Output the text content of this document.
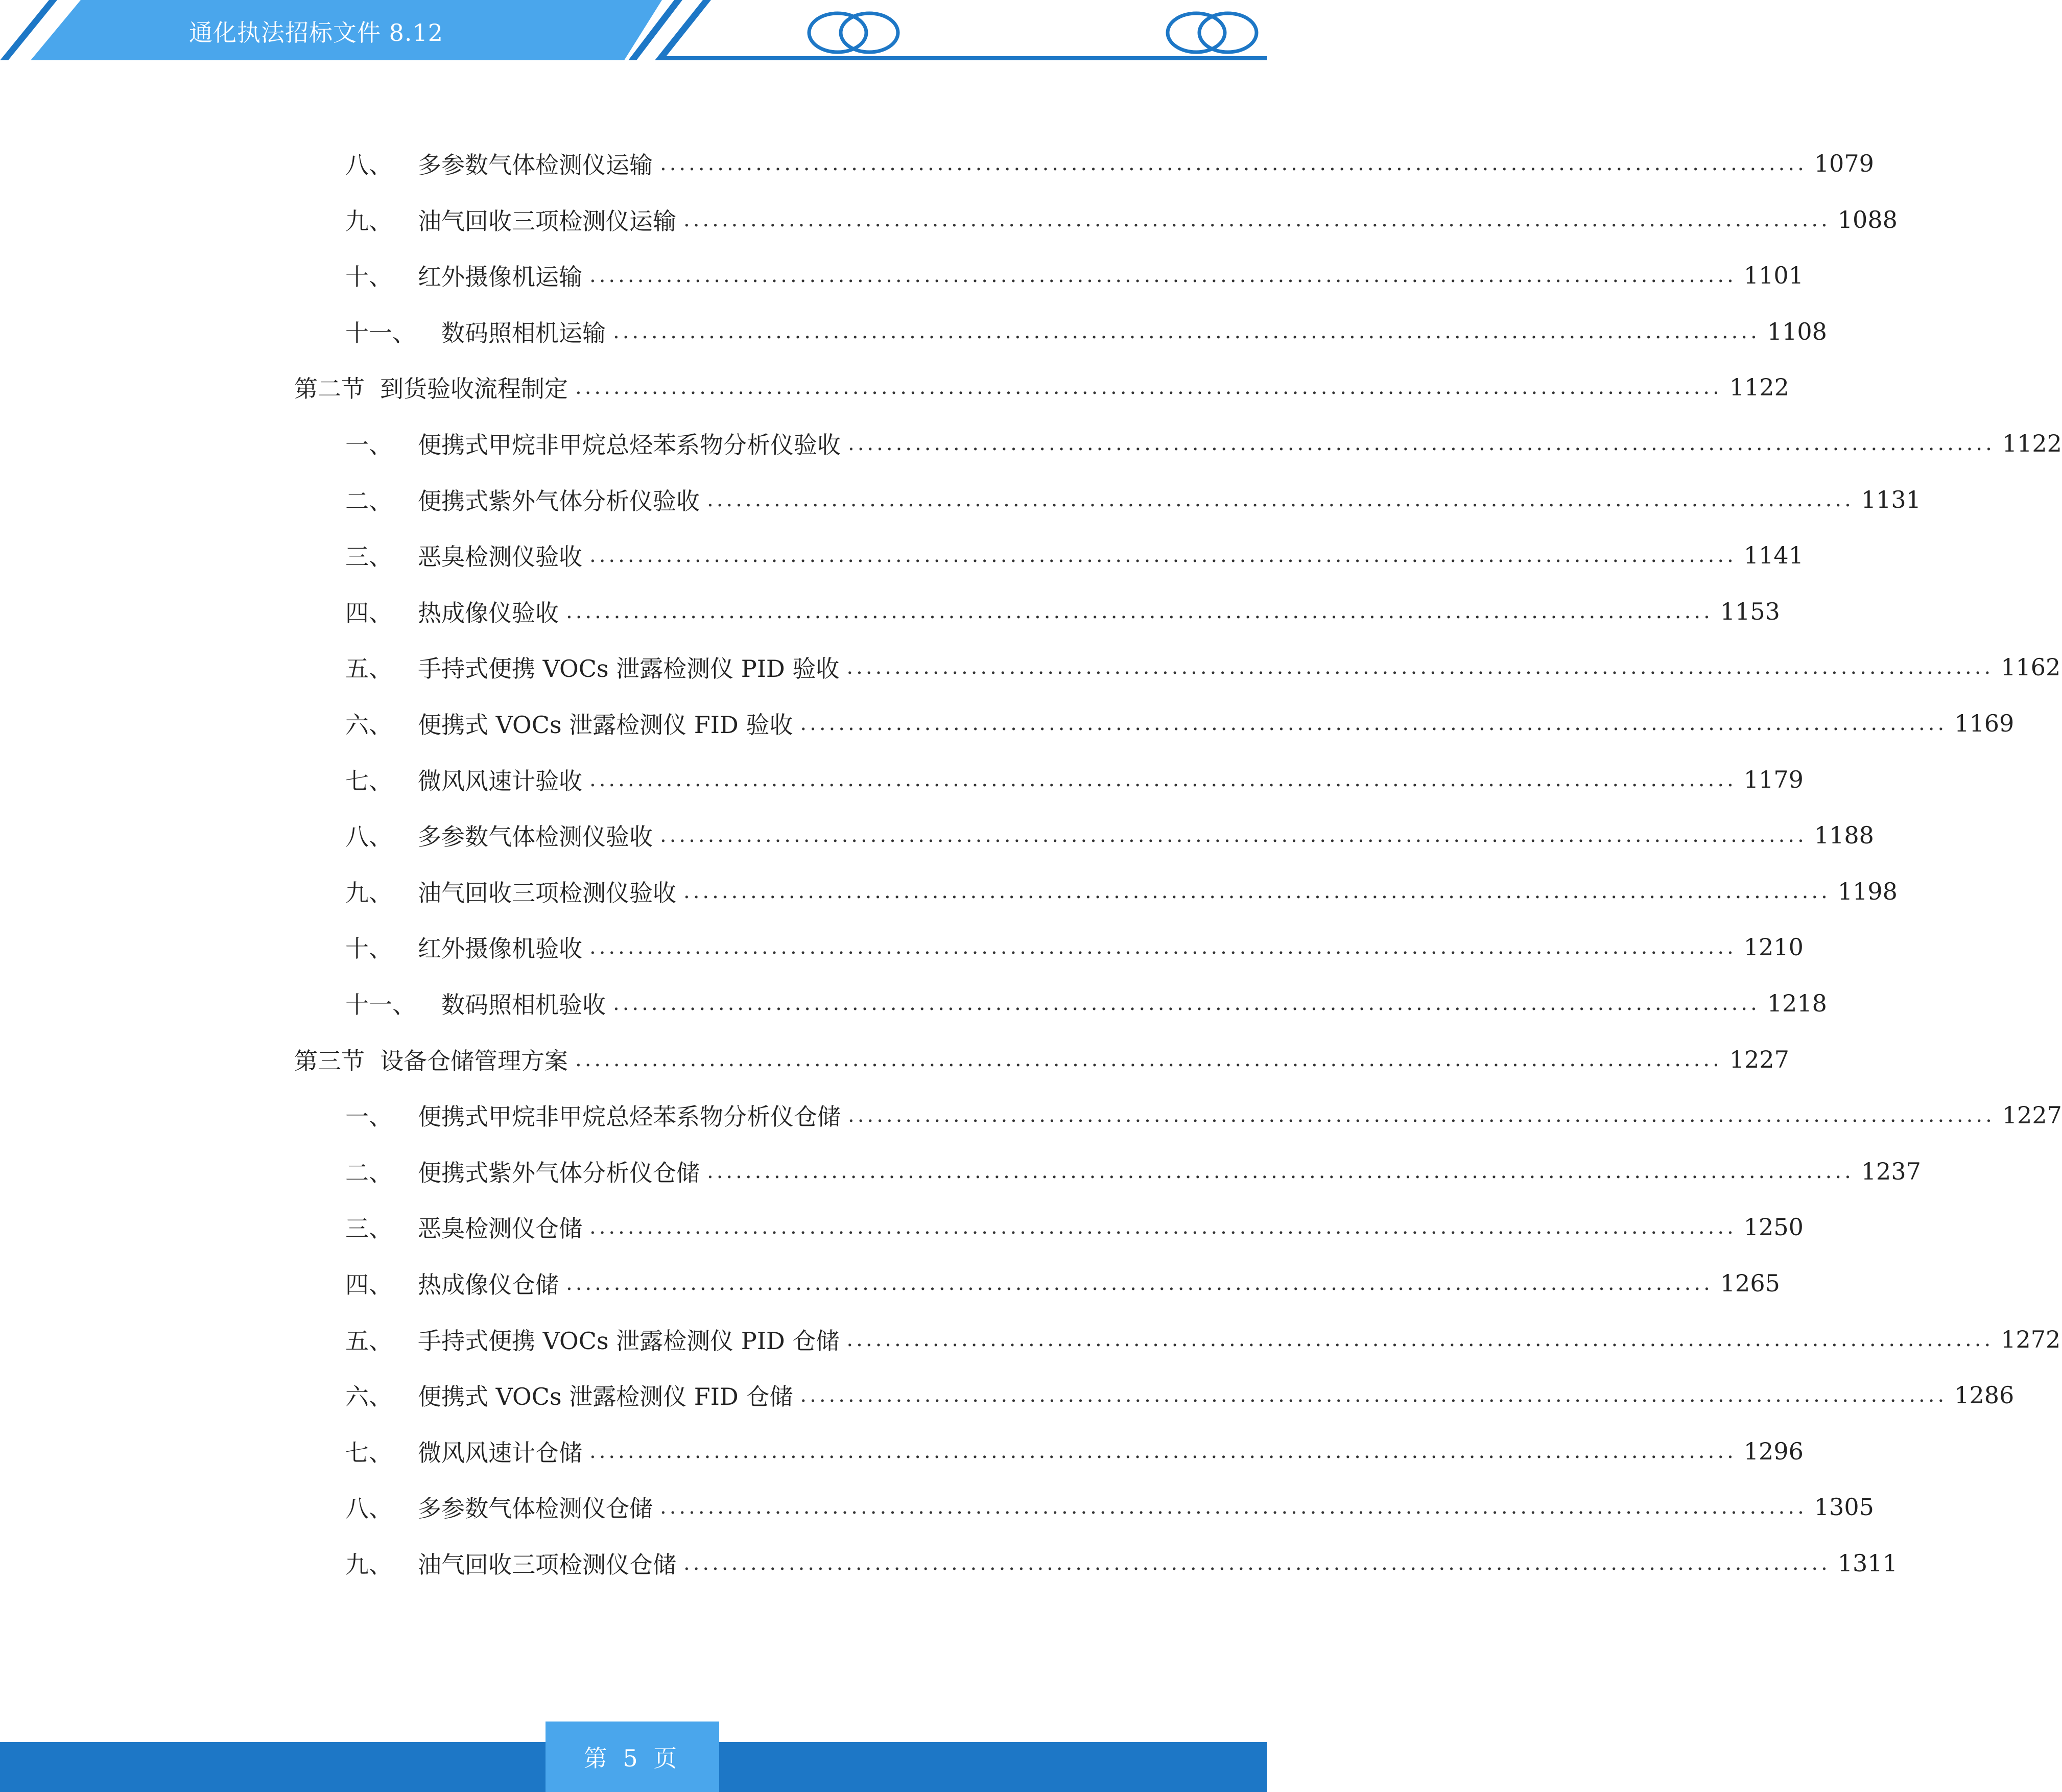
通化执法招标文件 8.12
八、 多参数气体检测仪运输 ........................................................................................................................ 1079
九、 油气回收三项检测仪运输 ........................................................................................................................ 1088
十、 红外摄像机运输 ........................................................................................................................ 1101
十一、 数码照相机运输 ........................................................................................................................ 1108
第二节 到货验收流程制定 ........................................................................................................................ 1122
一、 便携式甲烷非甲烷总烃苯系物分析仪验收 ........................................................................................................................ 1122
二、 便携式紫外气体分析仪验收 ........................................................................................................................ 1131
三、 恶臭检测仪验收 ........................................................................................................................ 1141
四、 热成像仪验收 ........................................................................................................................ 1153
五、 手持式便携 VOCs 泄露检测仪 PID 验收 ........................................................................................................................ 1162
六、 便携式 VOCs 泄露检测仪 FID 验收 ........................................................................................................................ 1169
七、 微风风速计验收 ........................................................................................................................ 1179
八、 多参数气体检测仪验收 ........................................................................................................................ 1188
九、 油气回收三项检测仪验收 ........................................................................................................................ 1198
十、 红外摄像机验收 ........................................................................................................................ 1210
十一、 数码照相机验收 ........................................................................................................................ 1218
第三节 设备仓储管理方案 ........................................................................................................................ 1227
一、 便携式甲烷非甲烷总烃苯系物分析仪仓储 ........................................................................................................................ 1227
二、 便携式紫外气体分析仪仓储 ........................................................................................................................ 1237
三、 恶臭检测仪仓储 ........................................................................................................................ 1250
四、 热成像仪仓储 ........................................................................................................................ 1265
五、 手持式便携 VOCs 泄露检测仪 PID 仓储 ........................................................................................................................ 1272
六、 便携式 VOCs 泄露检测仪 FID 仓储 ........................................................................................................................ 1286
七、 微风风速计仓储 ........................................................................................................................ 1296
八、 多参数气体检测仪仓储 ........................................................................................................................ 1305
九、 油气回收三项检测仪仓储 ........................................................................................................................ 1311
第 5 页
